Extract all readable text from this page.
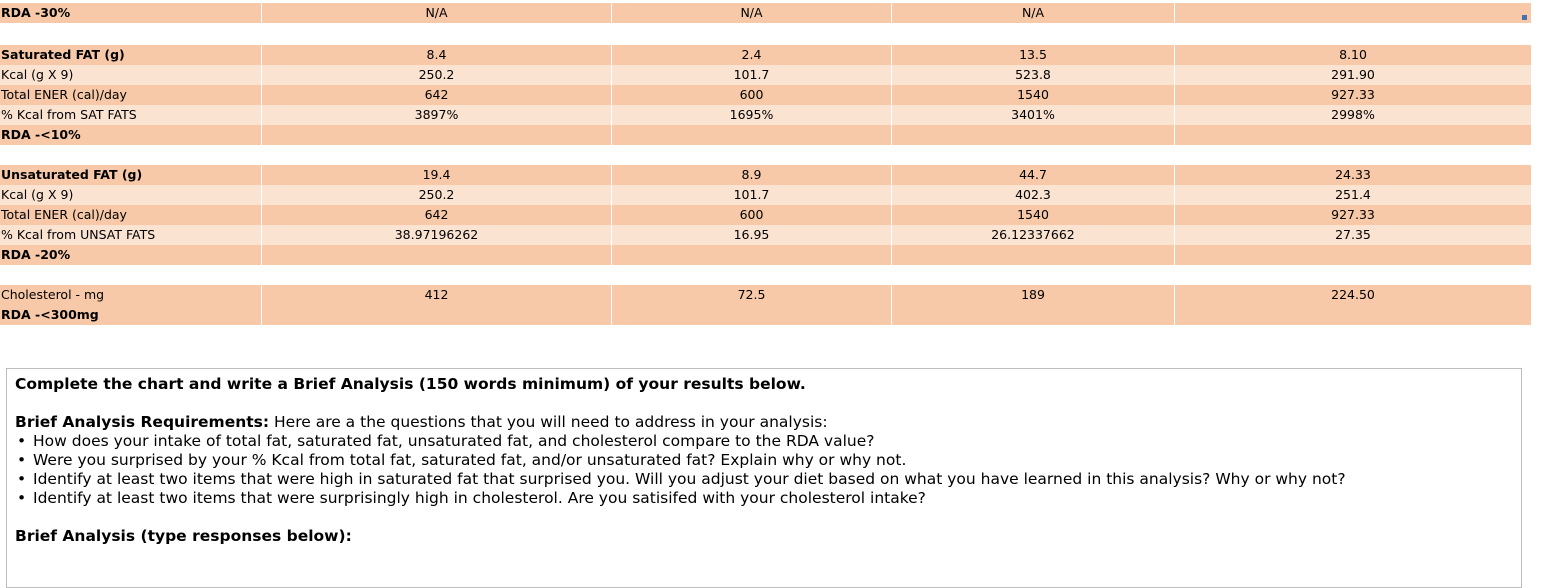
RDA -30%	N/A	N/A	N/A
Saturated FAT (g)	8.4	2.4	13.5	8.10
Kcal (g X 9)	250.2	101.7	523.8	291.90
Total ENER (cal)/day	642	600	1540	927.33
% Kcal from SAT FATS	3897%	1695%	3401%	2998%
RDA -<10%
Unsaturated FAT (g)	19.4	8.9	44.7	24.33
Kcal (g X 9)	250.2	101.7	402.3	251.4
Total ENER (cal)/day	642	600	1540	927.33
% Kcal from UNSAT FATS	38.97196262	16.95	26.12337662	27.35
RDA -20%
Cholesterol - mg	412	72.5	189	224.50
RDA -<300mg

Complete the chart and write a Brief Analysis (150 words minimum) of your results below.

Brief Analysis Requirements: Here are a the questions that you will need to address in your analysis:

• How does your intake of total fat, saturated fat, unsaturated fat, and cholesterol compare to the RDA value?
• Were you surprised by your % Kcal from total fat, saturated fat, and/or unsaturated fat? Explain why or why not.
• Identify at least two items that were high in saturated fat that surprised you. Will you adjust your diet based on what you have learned in this analysis? Why or why not?
• Identify at least two items that were surprisingly high in cholesterol. Are you satisifed with your cholesterol intake?

Brief Analysis (type responses below):
